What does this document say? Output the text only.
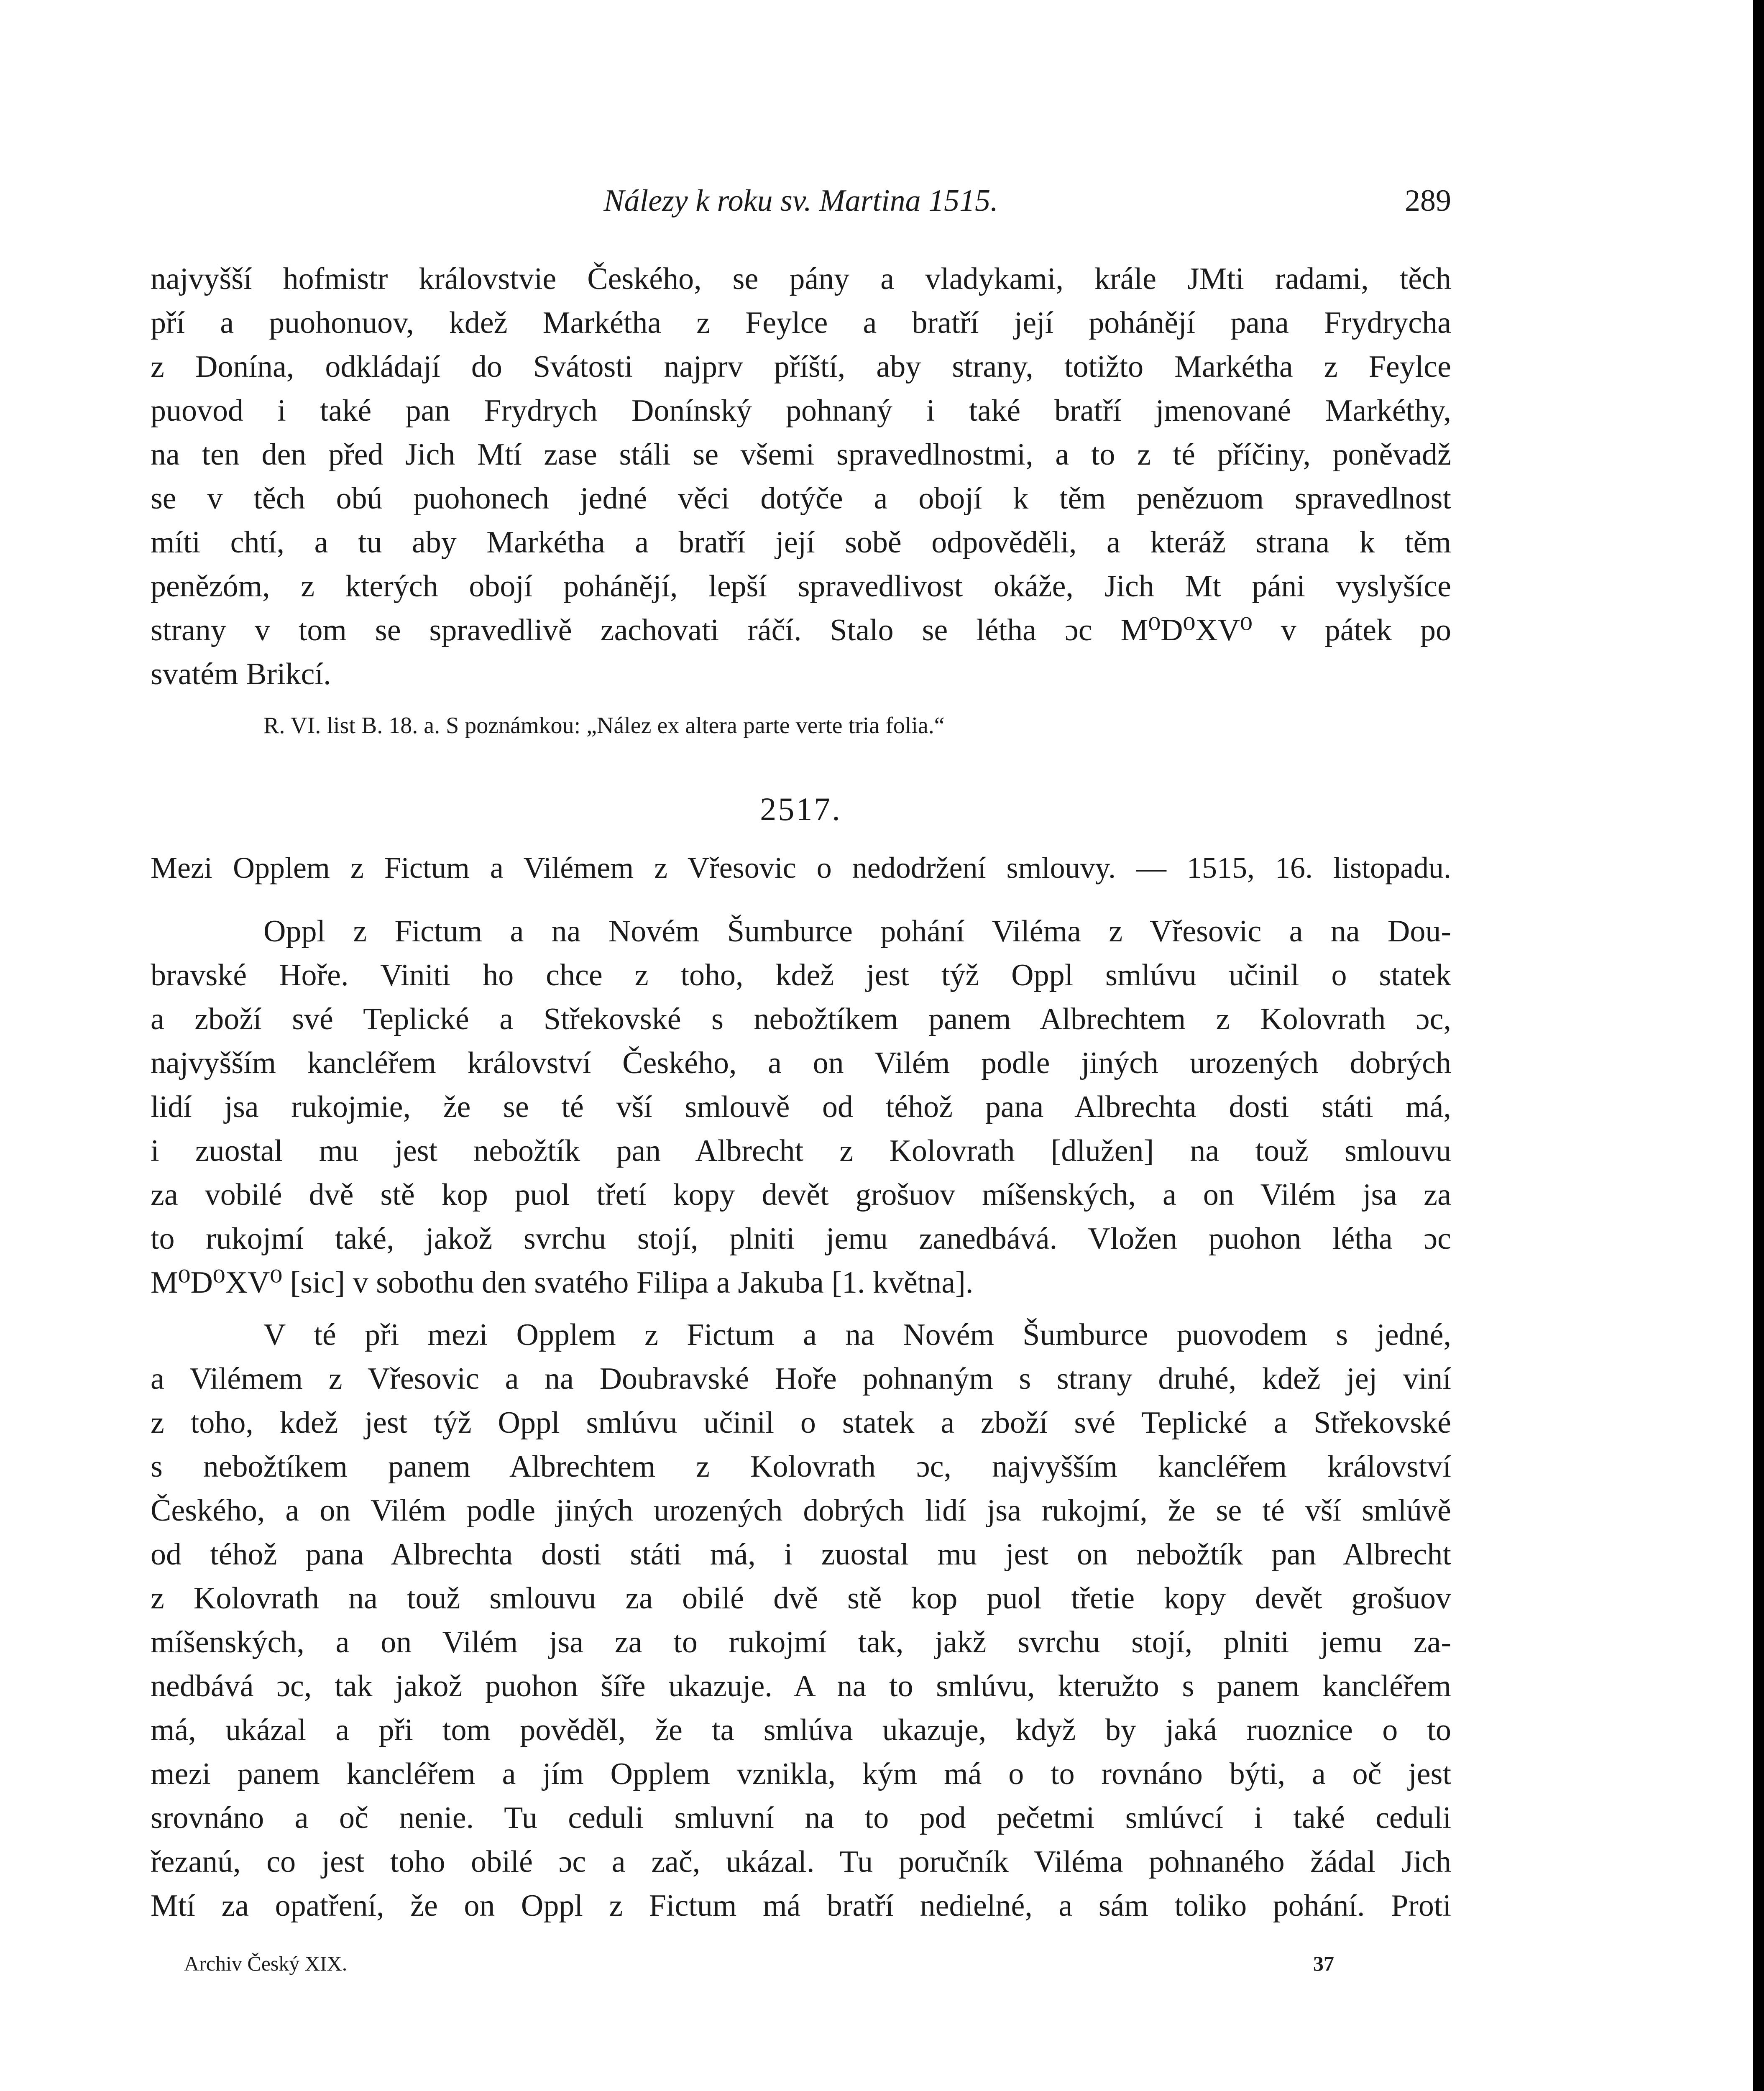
Nálezy k roku sv. Martina 1515.	289
najvyšší hofmistr královstvie Českého, se pány a vladykami, krále JMti radami, těch
pří a puohonuov, kdež Markétha z Feylce a bratří její pohánějí pana Frydrycha
z Donína, odkládají do Svátosti najprv příští, aby strany, totižto Markétha z Feylce
puovod i také pan Frydrych Donínský pohnaný i také bratří jmenované Markéthy,
na ten den před Jich Mtí zase stáli se všemi spravedlnostmi, a to z té příčiny, poněvadž
se v těch obú puohonech jedné věci dotýče a obojí k těm penězuom spravedlnost
míti chtí, a tu aby Markétha a bratří její sobě odpověděli, a kteráž strana k těm
penězóm, z kterých obojí pohánějí, lepší spravedlivost okáže, Jich Mt páni vyslyšíce
strany v tom se spravedlivě zachovati ráčí. Stalo se létha ɔc M⁰D⁰XV⁰ v pátek po
svatém Brikcí.
R. VI. list B. 18. a. S poznámkou: „Nález ex altera parte verte tria folia.“
2517.
Mezi Opplem z Fictum a Vilémem z Vřesovic o nedodržení smlouvy. — 1515, 16. listopadu.
Oppl z Fictum a na Novém Šumburce pohání Viléma z Vřesovic a na Dou-
bravské Hoře. Viniti ho chce z toho, kdež jest týž Oppl smlúvu učinil o statek
a zboží své Teplické a Střekovské s nebožtíkem panem Albrechtem z Kolovrath ɔc,
najvyšším kancléřem království Českého, a on Vilém podle jiných urozených dobrých
lidí jsa rukojmie, že se té vší smlouvě od téhož pana Albrechta dosti státi má,
i zuostal mu jest nebožtík pan Albrecht z Kolovrath [dlužen] na touž smlouvu
za vobilé dvě stě kop puol třetí kopy devět grošuov míšenských, a on Vilém jsa za
to rukojmí také, jakož svrchu stojí, plniti jemu zanedbává. Vložen puohon létha ɔc
M⁰D⁰XV⁰ [sic] v sobothu den svatého Filipa a Jakuba [1. května].
V té při mezi Opplem z Fictum a na Novém Šumburce puovodem s jedné,
a Vilémem z Vřesovic a na Doubravské Hoře pohnaným s strany druhé, kdež jej viní
z toho, kdež jest týž Oppl smlúvu učinil o statek a zboží své Teplické a Střekovské
s nebožtíkem panem Albrechtem z Kolovrath ɔc, najvyšším kancléřem království
Českého, a on Vilém podle jiných urozených dobrých lidí jsa rukojmí, že se té vší smlúvě
od téhož pana Albrechta dosti státi má, i zuostal mu jest on nebožtík pan Albrecht
z Kolovrath na touž smlouvu za obilé dvě stě kop puol třetie kopy devět grošuov
míšenských, a on Vilém jsa za to rukojmí tak, jakž svrchu stojí, plniti jemu za-
nedbává ɔc, tak jakož puohon šíře ukazuje. A na to smlúvu, kteružto s panem kancléřem
má, ukázal a při tom pověděl, že ta smlúva ukazuje, když by jaká ruoznice o to
mezi panem kancléřem a jím Opplem vznikla, kým má o to rovnáno býti, a oč jest
srovnáno a oč nenie. Tu ceduli smluvní na to pod pečetmi smlúvcí i také ceduli
řezanú, co jest toho obilé ɔc a zač, ukázal. Tu poručník Viléma pohnaného žádal Jich
Mtí za opatření, že on Oppl z Fictum má bratří nedielné, a sám toliko pohání. Proti
Archiv Český XIX.	37
